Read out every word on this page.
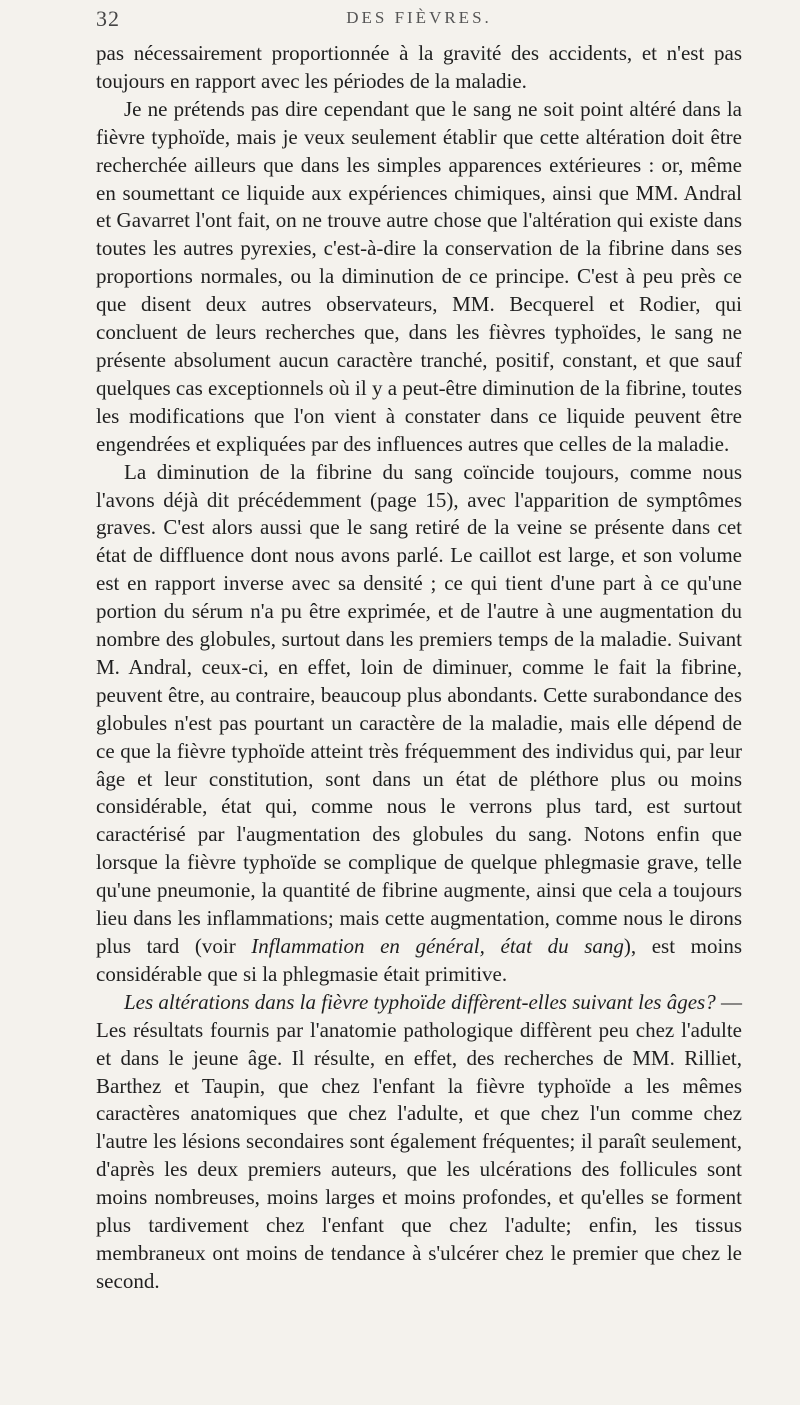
32	DES FIÈVRES.

pas nécessairement proportionnée à la gravité des accidents, et n'est pas toujours en rapport avec les périodes de la maladie.

Je ne prétends pas dire cependant que le sang ne soit point altéré dans la fièvre typhoïde, mais je veux seulement établir que cette altération doit être recherchée ailleurs que dans les simples apparences extérieures : or, même en soumettant ce liquide aux expériences chimiques, ainsi que MM. Andral et Gavarret l'ont fait, on ne trouve autre chose que l'altération qui existe dans toutes les autres pyrexies, c'est-à-dire la conservation de la fibrine dans ses proportions normales, ou la diminution de ce principe. C'est à peu près ce que disent deux autres observateurs, MM. Becquerel et Rodier, qui concluent de leurs recherches que, dans les fièvres typhoïdes, le sang ne présente absolument aucun caractère tranché, positif, constant, et que sauf quelques cas exceptionnels où il y a peut-être diminution de la fibrine, toutes les modifications que l'on vient à constater dans ce liquide peuvent être engendrées et expliquées par des influences autres que celles de la maladie.

La diminution de la fibrine du sang coïncide toujours, comme nous l'avons déjà dit précédemment (page 15), avec l'apparition de symptômes graves. C'est alors aussi que le sang retiré de la veine se présente dans cet état de diffluence dont nous avons parlé. Le caillot est large, et son volume est en rapport inverse avec sa densité ; ce qui tient d'une part à ce qu'une portion du sérum n'a pu être exprimée, et de l'autre à une augmentation du nombre des globules, surtout dans les premiers temps de la maladie. Suivant M. Andral, ceux-ci, en effet, loin de diminuer, comme le fait la fibrine, peuvent être, au contraire, beaucoup plus abondants. Cette surabondance des globules n'est pas pourtant un caractère de la maladie, mais elle dépend de ce que la fièvre typhoïde atteint très fréquemment des individus qui, par leur âge et leur constitution, sont dans un état de pléthore plus ou moins considérable, état qui, comme nous le verrons plus tard, est surtout caractérisé par l'augmentation des globules du sang. Notons enfin que lorsque la fièvre typhoïde se complique de quelque phlegmasie grave, telle qu'une pneumonie, la quantité de fibrine augmente, ainsi que cela a toujours lieu dans les inflammations; mais cette augmentation, comme nous le dirons plus tard (voir Inflammation en général, état du sang), est moins considérable que si la phlegmasie était primitive.

Les altérations dans la fièvre typhoïde diffèrent-elles suivant les âges? — Les résultats fournis par l'anatomie pathologique diffèrent peu chez l'adulte et dans le jeune âge. Il résulte, en effet, des recherches de MM. Rilliet, Barthez et Taupin, que chez l'enfant la fièvre typhoïde a les mêmes caractères anatomiques que chez l'adulte, et que chez l'un comme chez l'autre les lésions secondaires sont également fréquentes; il paraît seulement, d'après les deux premiers auteurs, que les ulcérations des follicules sont moins nombreuses, moins larges et moins profondes, et qu'elles se forment plus tardivement chez l'enfant que chez l'adulte; enfin, les tissus membraneux ont moins de tendance à s'ulcérer chez le premier que chez le second.
